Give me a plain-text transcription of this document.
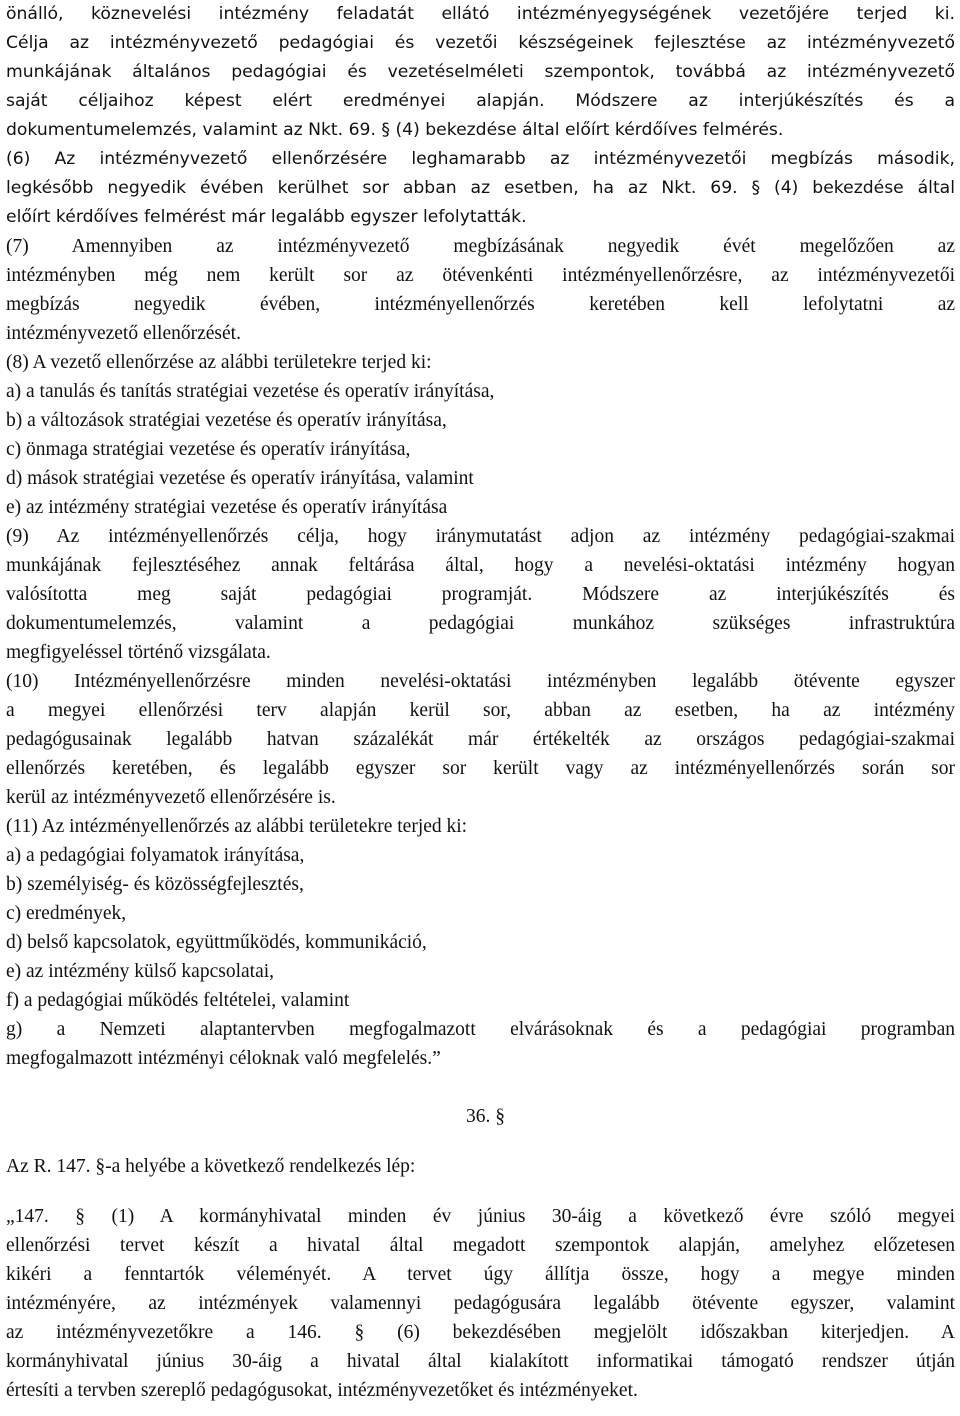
önálló, köznevelési intézmény feladatát ellátó intézményegységének vezetőjére terjed ki.
Célja az intézményvezető pedagógiai és vezetői készségeinek fejlesztése az intézményvezető
munkájának általános pedagógiai és vezetéselméleti szempontok, továbbá az intézményvezető
saját céljaihoz képest elért eredményei alapján. Módszere az interjúkészítés és a
dokumentumelemzés, valamint az Nkt. 69. § (4) bekezdése által előírt kérdőíves felmérés.
(6) Az intézményvezető ellenőrzésére leghamarabb az intézményvezetői megbízás második,
legkésőbb negyedik évében kerülhet sor abban az esetben, ha az Nkt. 69. § (4) bekezdése által
előírt kérdőíves felmérést már legalább egyszer lefolytatták.
(7) Amennyiben az intézményvezető megbízásának negyedik évét megelőzően az
intézményben még nem került sor az ötévenkénti intézményellenőrzésre, az intézményvezetői
megbízás negyedik évében, intézményellenőrzés keretében kell lefolytatni az
intézményvezető ellenőrzését.
(8) A vezető ellenőrzése az alábbi területekre terjed ki:
a) a tanulás és tanítás stratégiai vezetése és operatív irányítása,
b) a változások stratégiai vezetése és operatív irányítása,
c) önmaga stratégiai vezetése és operatív irányítása,
d) mások stratégiai vezetése és operatív irányítása, valamint
e) az intézmény stratégiai vezetése és operatív irányítása
(9) Az intézményellenőrzés célja, hogy iránymutatást adjon az intézmény pedagógiai-szakmai
munkájának fejlesztéséhez annak feltárása által, hogy a nevelési-oktatási intézmény hogyan
valósította meg saját pedagógiai programját. Módszere az interjúkészítés és
dokumentumelemzés, valamint a pedagógiai munkához szükséges infrastruktúra
megfigyeléssel történő vizsgálata.
(10) Intézményellenőrzésre minden nevelési-oktatási intézményben legalább ötévente egyszer
a megyei ellenőrzési terv alapján kerül sor, abban az esetben, ha az intézmény
pedagógusainak legalább hatvan százalékát már értékelték az országos pedagógiai-szakmai
ellenőrzés keretében, és legalább egyszer sor került vagy az intézményellenőrzés során sor
kerül az intézményvezető ellenőrzésére is.
(11) Az intézményellenőrzés az alábbi területekre terjed ki:
a) a pedagógiai folyamatok irányítása,
b) személyiség- és közösségfejlesztés,
c) eredmények,
d) belső kapcsolatok, együttműködés, kommunikáció,
e) az intézmény külső kapcsolatai,
f) a pedagógiai működés feltételei, valamint
g) a Nemzeti alaptantervben megfogalmazott elvárásoknak és a pedagógiai programban
megfogalmazott intézményi céloknak való megfelelés.”
36. §
Az R. 147. §-a helyébe a következő rendelkezés lép:
„147. § (1) A kormányhivatal minden év június 30-áig a következő évre szóló megyei
ellenőrzési tervet készít a hivatal által megadott szempontok alapján, amelyhez előzetesen
kikéri a fenntartók véleményét. A tervet úgy állítja össze, hogy a megye minden
intézményére, az intézmények valamennyi pedagógusára legalább ötévente egyszer, valamint
az intézményvezetőkre a 146. § (6) bekezdésében megjelölt időszakban kiterjedjen. A
kormányhivatal június 30-áig a hivatal által kialakított informatikai támogató rendszer útján
értesíti a tervben szereplő pedagógusokat, intézményvezetőket és intézményeket.
